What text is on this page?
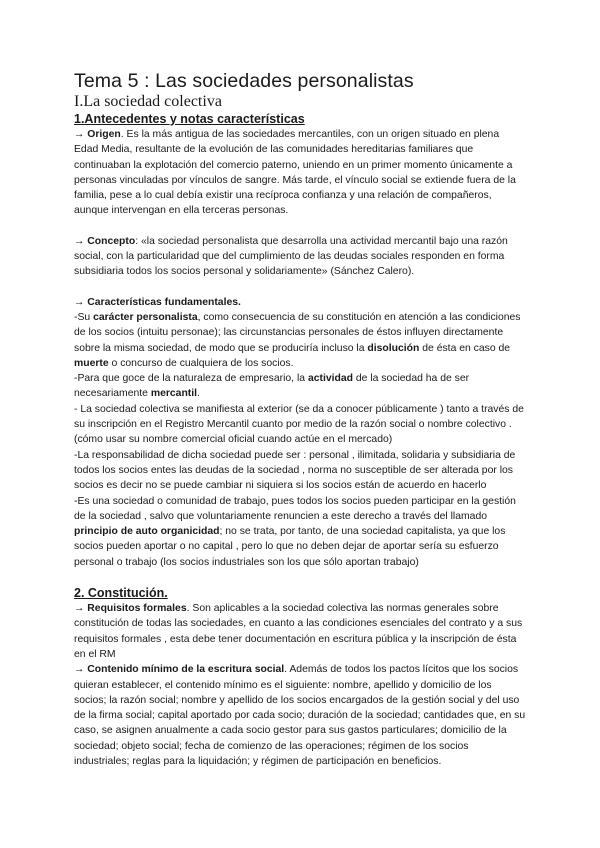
Tema 5 : Las sociedades personalistas
I.La sociedad colectiva
1.Antecedentes y notas características

→ Origen. Es la más antigua de las sociedades mercantiles, con un origen situado en plena Edad Media, resultante de la evolución de las comunidades hereditarias familiares que continuaban la explotación del comercio paterno, uniendo en un primer momento únicamente a personas vinculadas por vínculos de sangre. Más tarde, el vínculo social se extiende fuera de la familia, pese a lo cual debía existir una recíproca confianza y una relación de compañeros, aunque intervengan en ella terceras personas.

→ Concepto: «la sociedad personalista que desarrolla una actividad mercantil bajo una razón social, con la particularidad que del cumplimiento de las deudas sociales responden en forma subsidiaria todos los socios personal y solidariamente» (Sánchez Calero).

→ Características fundamentales.

-Su carácter personalista, como consecuencia de su constitución en atención a las condiciones de los socios (intuitu personae); las circunstancias personales de éstos influyen directamente sobre la misma sociedad, de modo que se produciría incluso la disolución de ésta en caso de muerte o concurso de cualquiera de los socios.

-Para que goce de la naturaleza de empresario, la actividad de la sociedad ha de ser necesariamente mercantil.

- La sociedad colectiva se manifiesta al exterior (se da a conocer públicamente ) tanto a través de su inscripción en el Registro Mercantil cuanto por medio de la razón social o nombre colectivo .(cómo usar su nombre comercial oficial cuando actúe en el mercado)

-La responsabilidad de dicha sociedad puede ser : personal , ilimitada, solidaria y subsidiaria de todos los socios entes las deudas de la sociedad , norma no susceptible de ser alterada por los socios es decir no se puede cambiar ni siquiera si los socios están de acuerdo en hacerlo

-Es una sociedad o comunidad de trabajo, pues todos los socios pueden participar en la gestión de la sociedad , salvo que voluntariamente renuncien a este derecho a través del llamado principio de auto organicidad; no se trata, por tanto, de una sociedad capitalista, ya que los socios pueden aportar o no capital , pero lo que no deben dejar de aportar sería su esfuerzo personal o trabajo (los socios industriales son los que sólo aportan trabajo)

2. Constitución.

→ Requisitos formales. Son aplicables a la sociedad colectiva las normas generales sobre constitución de todas las sociedades, en cuanto a las condiciones esenciales del contrato y a sus requisitos formales , esta debe tener documentación en escritura pública y la inscripción de ésta en el RM

→ Contenido mínimo de la escritura social. Además de todos los pactos lícitos que los socios quieran establecer, el contenido mínimo es el siguiente: nombre, apellido y domicilio de los socios; la razón social; nombre y apellido de los socios encargados de la gestión social y del uso de la firma social; capital aportado por cada socio; duración de la sociedad; cantidades que, en su caso, se asignen anualmente a cada socio gestor para sus gastos particulares; domicilio de la sociedad; objeto social; fecha de comienzo de las operaciones; régimen de los socios industriales; reglas para la liquidación; y régimen de participación en beneficios.
